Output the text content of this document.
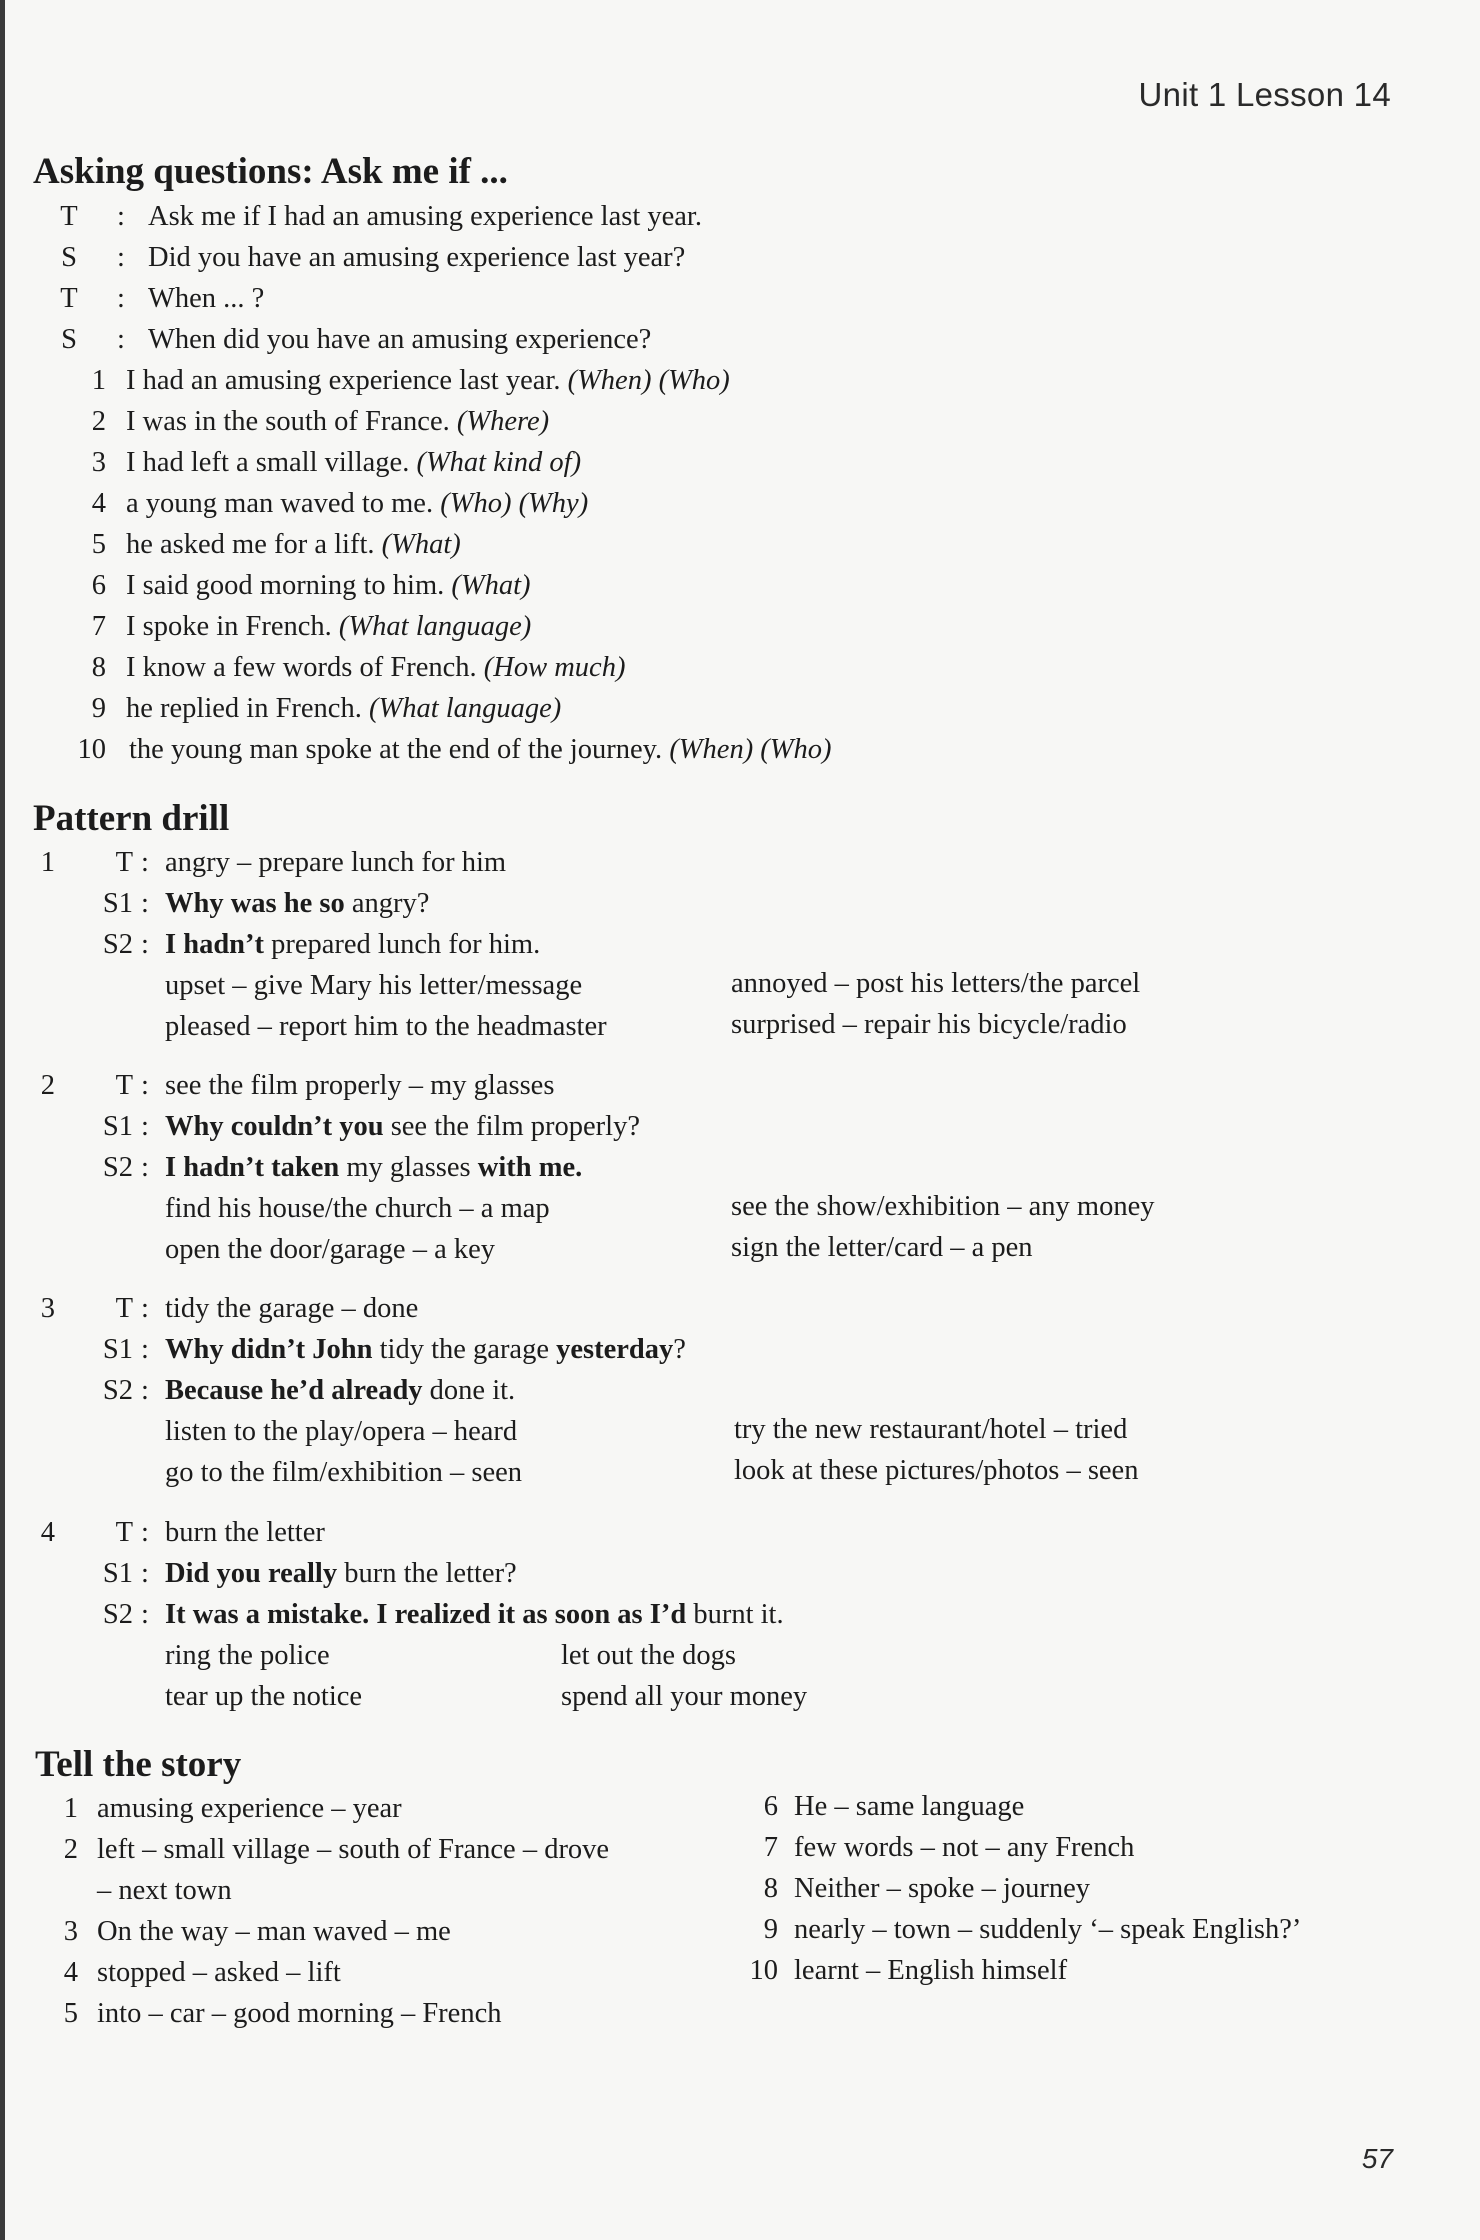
Unit 1 Lesson 14
Asking questions: Ask me if ...
T : Ask me if I had an amusing experience last year.
S : Did you have an amusing experience last year?
T : When ... ?
S : When did you have an amusing experience?
1 I had an amusing experience last year. (When) (Who)
2 I was in the south of France. (Where)
3 I had left a small village. (What kind of)
4 a young man waved to me. (Who) (Why)
5 he asked me for a lift. (What)
6 I said good morning to him. (What)
7 I spoke in French. (What language)
8 I know a few words of French. (How much)
9 he replied in French. (What language)
10 the young man spoke at the end of the journey. (When) (Who)
Pattern drill
1	T : angry – prepare lunch for him
S1 : Why was he so angry?
S2 : I hadn’t prepared lunch for him.
upset – give Mary his letter/message	annoyed – post his letters/the parcel
pleased – report him to the headmaster	surprised – repair his bicycle/radio
2	T : see the film properly – my glasses
S1 : Why couldn’t you see the film properly?
S2 : I hadn’t taken my glasses with me.
find his house/the church – a map	see the show/exhibition – any money
open the door/garage – a key	sign the letter/card – a pen
3	T : tidy the garage – done
S1 : Why didn’t John tidy the garage yesterday?
S2 : Because he’d already done it.
listen to the play/opera – heard	try the new restaurant/hotel – tried
go to the film/exhibition – seen	look at these pictures/photos – seen
4	T : burn the letter
S1 : Did you really burn the letter?
S2 : It was a mistake. I realized it as soon as I’d burnt it.
ring the police	let out the dogs
tear up the notice	spend all your money
Tell the story
1 amusing experience – year
2 left – small village – south of France – drove
– next town
3 On the way – man waved – me
4 stopped – asked – lift
5 into – car – good morning – French
6 He – same language
7 few words – not – any French
8 Neither – spoke – journey
9 nearly – town – suddenly ‘– speak English?’
10 learnt – English himself
57
